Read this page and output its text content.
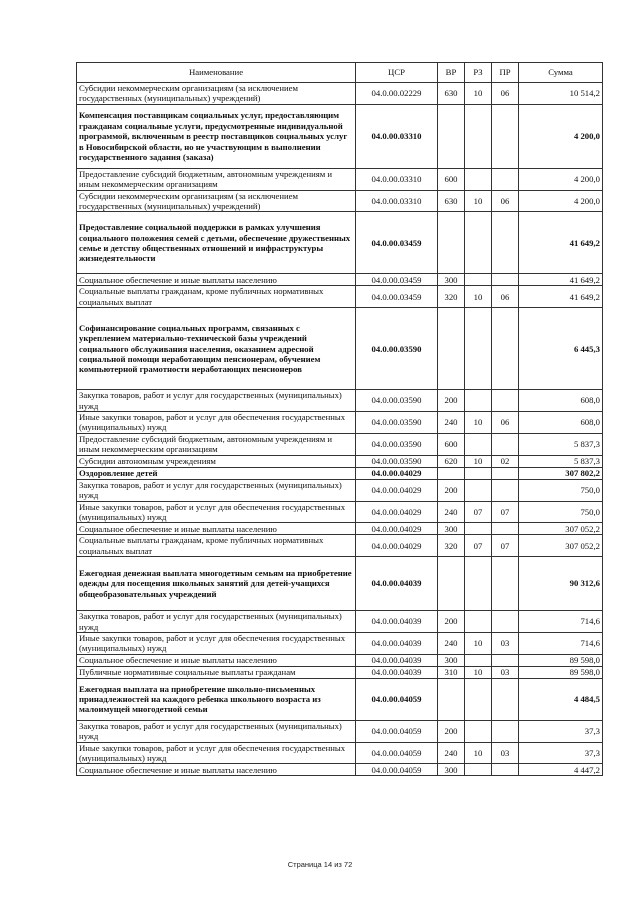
Наименование	ЦСР	ВР	РЗ	ПР	Сумма
Субсидии некоммерческим организациям (за исключением государственных (муниципальных) учреждений)	04.0.00.02229	630	10	06	10 514,2
Компенсация поставщикам социальных услуг, предоставляющим гражданам социальные услуги, предусмотренные индивидуальной программой, включенным в реестр поставщиков социальных услуг в Новосибирской области, но не участвующим в выполнении государственного задания (заказа)	04.0.00.03310				4 200,0
Предоставление субсидий бюджетным, автономным учреждениям и иным некоммерческим организациям	04.0.00.03310	600			4 200,0
Субсидии некоммерческим организациям (за исключением государственных (муниципальных) учреждений)	04.0.00.03310	630	10	06	4 200,0
Предоставление социальной поддержки в рамках улучшения социального положения семей с детьми, обеспечение дружественных семье и детству общественных отношений и инфраструктуры жизнедеятельности	04.0.00.03459				41 649,2
Социальное обеспечение и иные выплаты населению	04.0.00.03459	300			41 649,2
Социальные выплаты гражданам, кроме публичных нормативных социальных выплат	04.0.00.03459	320	10	06	41 649,2
Софинансирование социальных программ, связанных с укреплением материально-технической базы учреждений социального обслуживания населения, оказанием адресной социальной помощи неработающим пенсионерам, обучением компьютерной грамотности неработающих пенсионеров	04.0.00.03590				6 445,3
Закупка товаров, работ и услуг для государственных (муниципальных) нужд	04.0.00.03590	200			608,0
Иные закупки товаров, работ и услуг для обеспечения государственных (муниципальных) нужд	04.0.00.03590	240	10	06	608,0
Предоставление субсидий бюджетным, автономным учреждениям и иным некоммерческим организациям	04.0.00.03590	600			5 837,3
Субсидии автономным учреждениям	04.0.00.03590	620	10	02	5 837,3
Оздоровление детей	04.0.00.04029				307 802,2
Закупка товаров, работ и услуг для государственных (муниципальных) нужд	04.0.00.04029	200			750,0
Иные закупки товаров, работ и услуг для обеспечения государственных (муниципальных) нужд	04.0.00.04029	240	07	07	750,0
Социальное обеспечение и иные выплаты населению	04.0.00.04029	300			307 052,2
Социальные выплаты гражданам, кроме публичных нормативных социальных выплат	04.0.00.04029	320	07	07	307 052,2
Ежегодная денежная выплата многодетным семьям на приобретение одежды для посещения школьных занятий для детей-учащихся общеобразовательных учреждений	04.0.00.04039				90 312,6
Закупка товаров, работ и услуг для государственных (муниципальных) нужд	04.0.00.04039	200			714,6
Иные закупки товаров, работ и услуг для обеспечения государственных (муниципальных) нужд	04.0.00.04039	240	10	03	714,6
Социальное обеспечение и иные выплаты населению	04.0.00.04039	300			89 598,0
Публичные нормативные социальные выплаты гражданам	04.0.00.04039	310	10	03	89 598,0
Ежегодная выплата на приобретение школьно-письменных принадлежностей на каждого ребенка школьного возраста из малоимущей многодетной семьи	04.0.00.04059				4 484,5
Закупка товаров, работ и услуг для государственных (муниципальных) нужд	04.0.00.04059	200			37,3
Иные закупки товаров, работ и услуг для обеспечения государственных (муниципальных) нужд	04.0.00.04059	240	10	03	37,3
Социальное обеспечение и иные выплаты населению	04.0.00.04059	300			4 447,2
Страница 14 из 72
